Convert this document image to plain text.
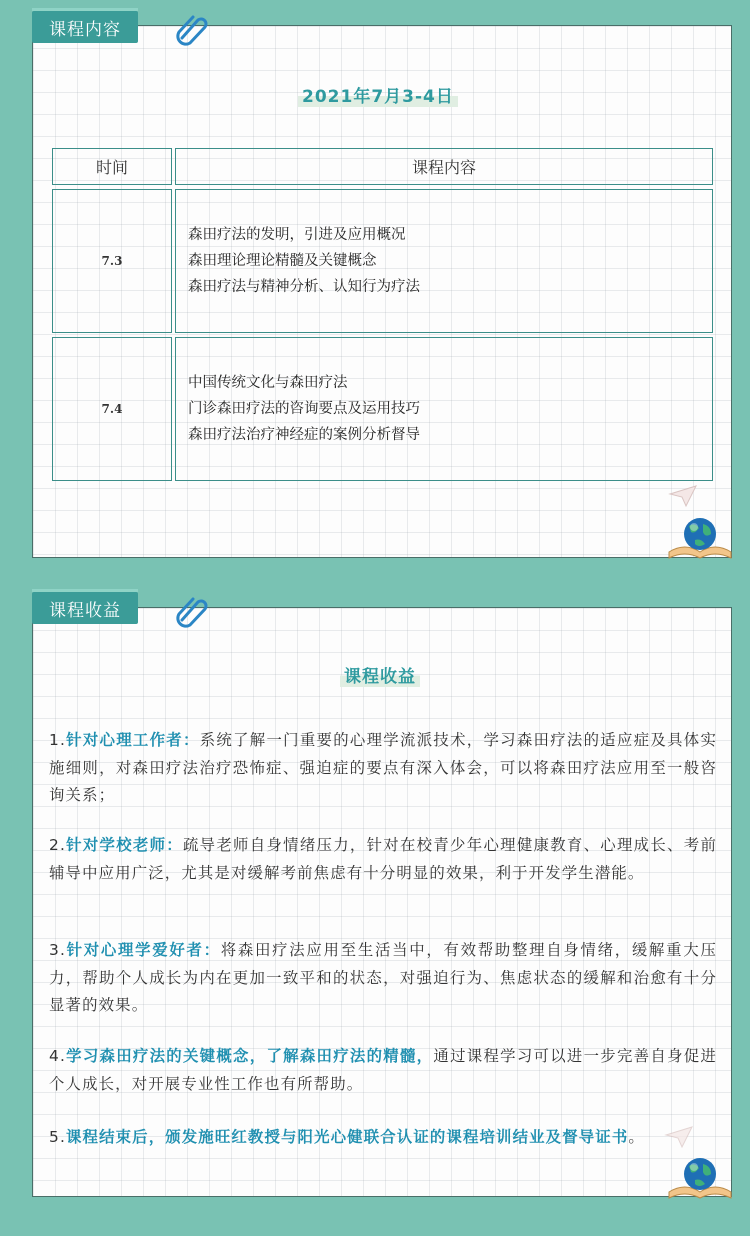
课程内容
2021年7月3-4日
时间	课程内容
7.3
森田疗法的发明，引进及应用概况
森田理论理论精髓及关键概念
森田疗法与精神分析、认知行为疗法
7.4
中国传统文化与森田疗法
门诊森田疗法的咨询要点及运用技巧
森田疗法治疗神经症的案例分析督导
课程收益
课程收益
1.针对心理工作者：系统了解一门重要的心理学流派技术，学习森田疗法的适应症及具体实施细则，对森田疗法治疗恐怖症、强迫症的要点有深入体会，可以将森田疗法应用至一般咨询关系；
2.针对学校老师：疏导老师自身情绪压力，针对在校青少年心理健康教育、心理成长、考前辅导中应用广泛，尤其是对缓解考前焦虑有十分明显的效果，利于开发学生潜能。
3.针对心理学爱好者：将森田疗法应用至生活当中，有效帮助整理自身情绪，缓解重大压力，帮助个人成长为内在更加一致平和的状态，对强迫行为、焦虑状态的缓解和治愈有十分显著的效果。
4.学习森田疗法的关键概念，了解森田疗法的精髓，通过课程学习可以进一步完善自身促进个人成长，对开展专业性工作也有所帮助。
5.课程结束后，颁发施旺红教授与阳光心健联合认证的课程培训结业及督导证书。
